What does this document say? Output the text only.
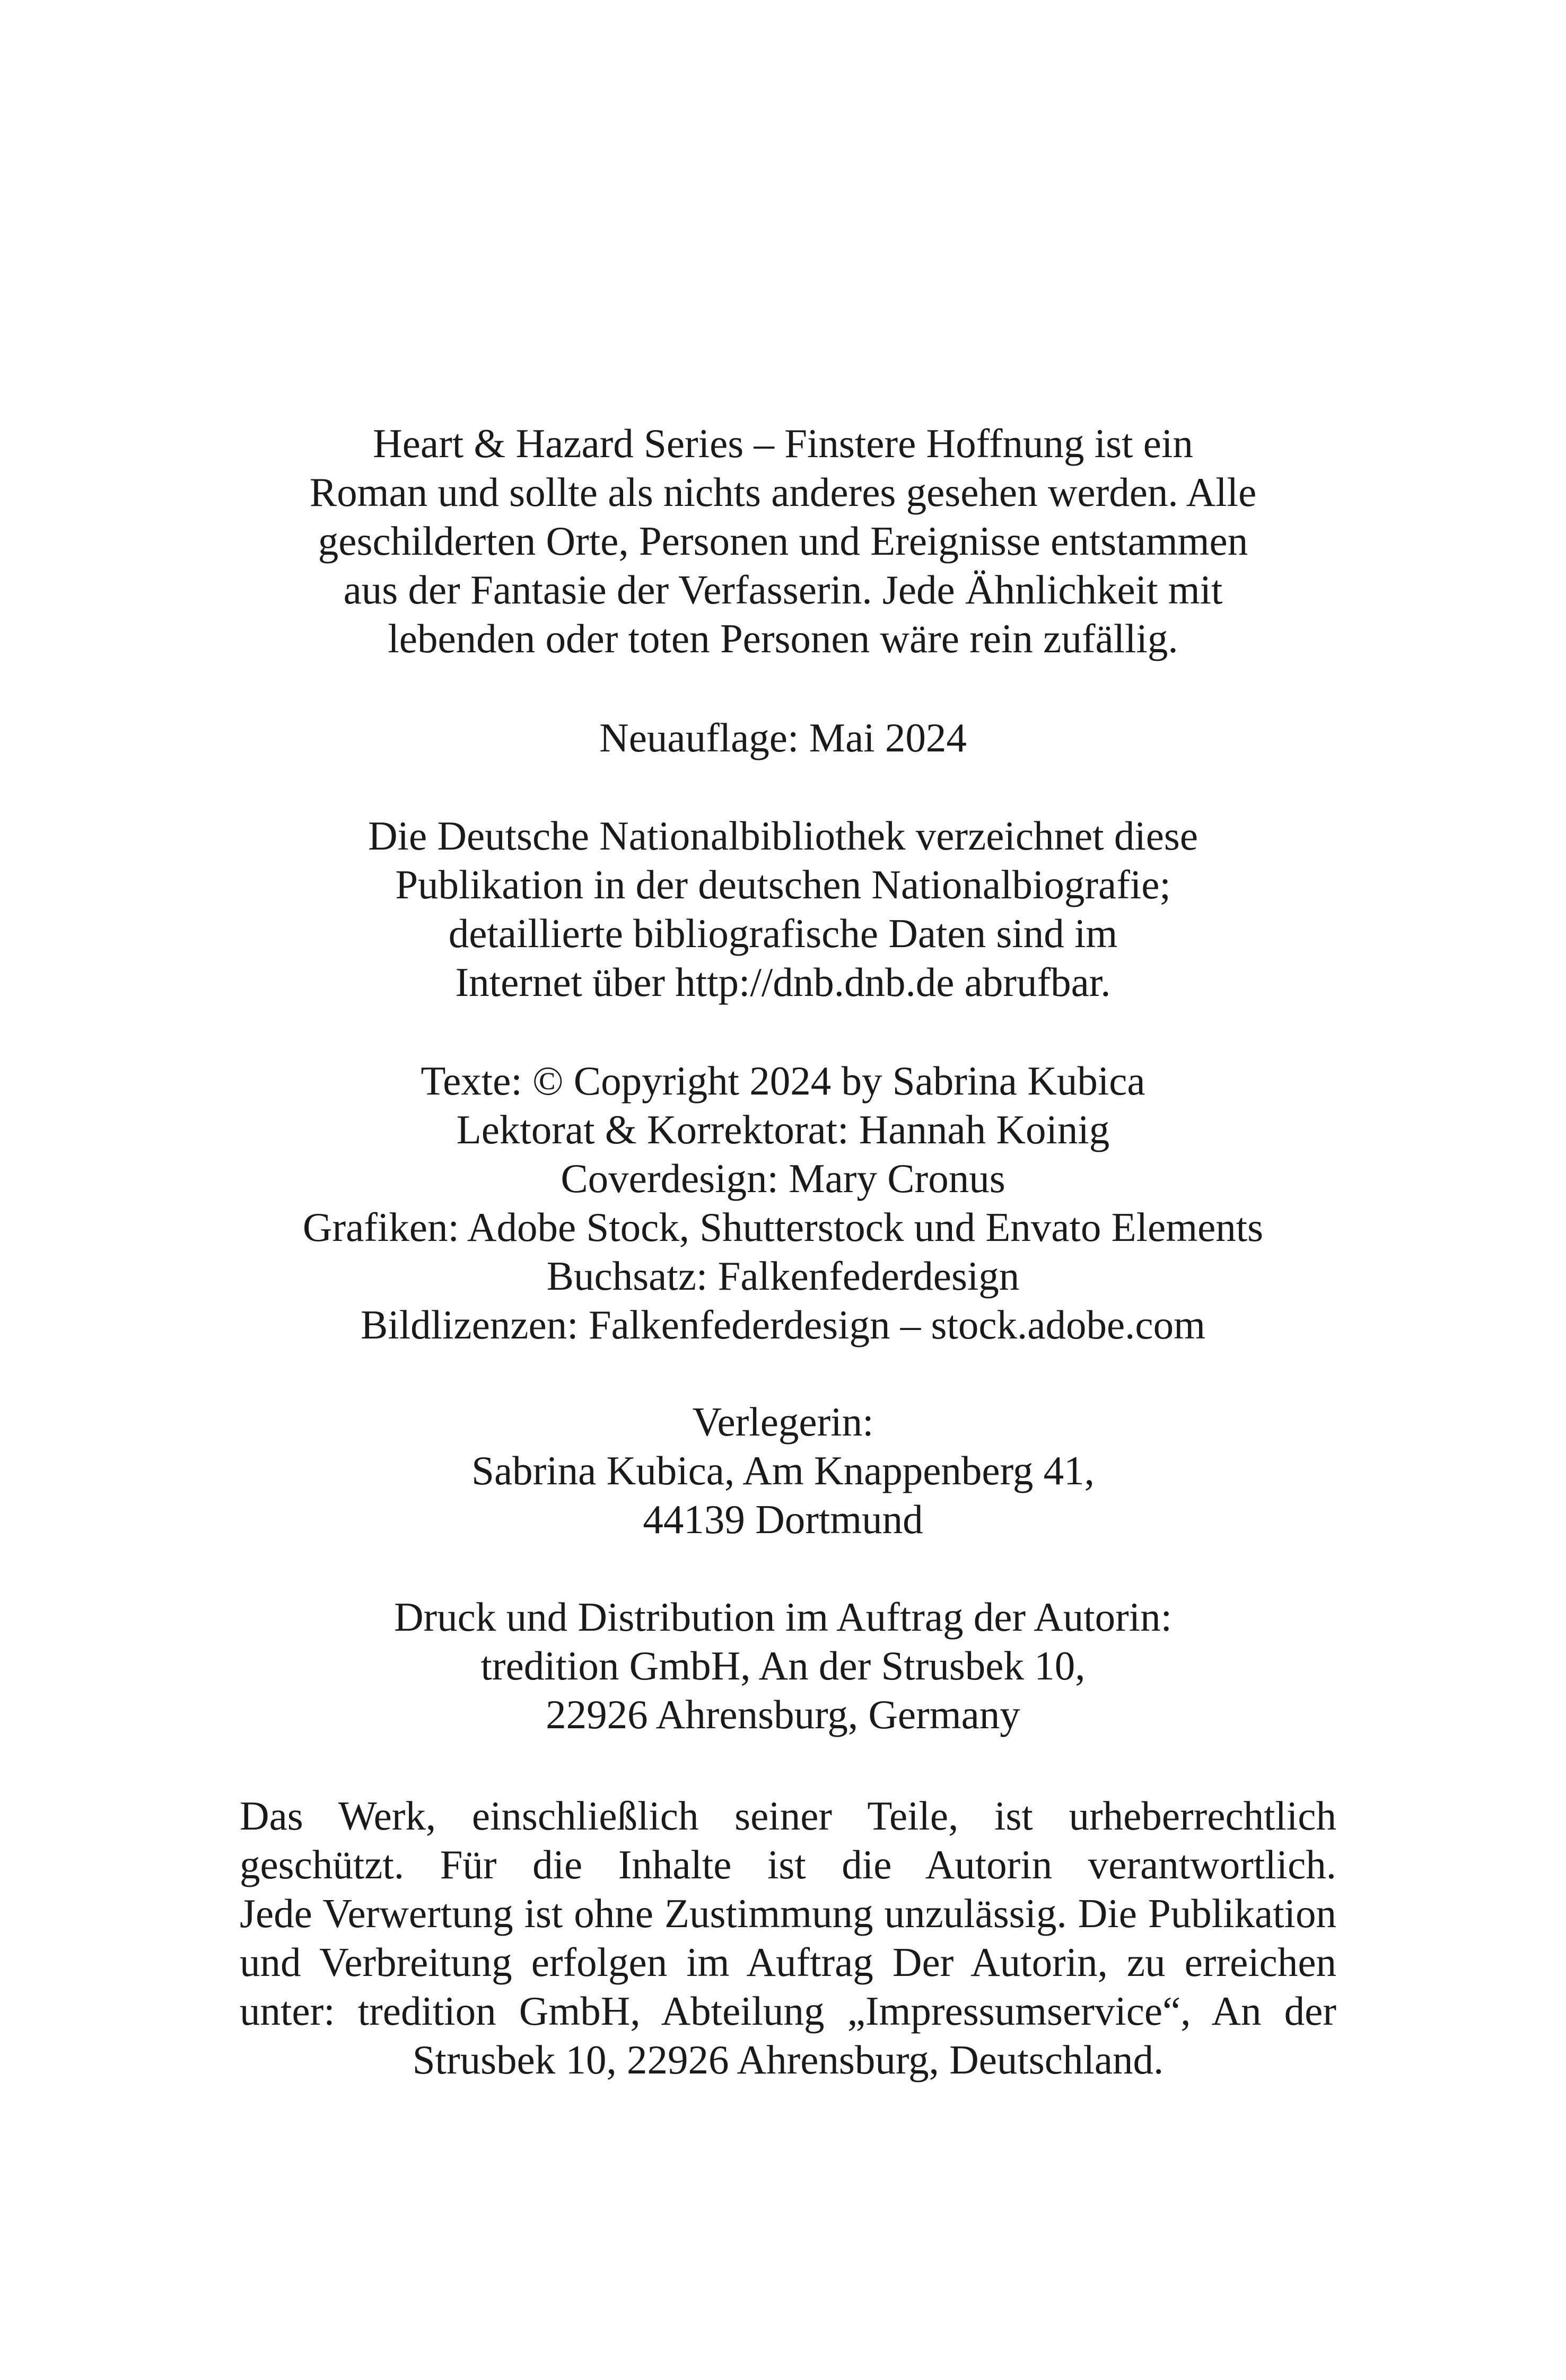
Heart & Hazard Series – Finstere Hoffnung ist ein
Roman und sollte als nichts anderes gesehen werden. Alle
geschilderten Orte, Personen und Ereignisse entstammen
aus der Fantasie der Verfasserin. Jede Ähnlichkeit mit
lebenden oder toten Personen wäre rein zufällig.
Neuauflage: Mai 2024
Die Deutsche Nationalbibliothek verzeichnet diese
Publikation in der deutschen Nationalbiografie;
detaillierte bibliografische Daten sind im
Internet über http://dnb.dnb.de abrufbar.
Texte: © Copyright 2024 by Sabrina Kubica
Lektorat & Korrektorat: Hannah Koinig
Coverdesign: Mary Cronus
Grafiken: Adobe Stock, Shutterstock und Envato Elements
Buchsatz: Falkenfederdesign
Bildlizenzen: Falkenfederdesign – stock.adobe.com
Verlegerin:
Sabrina Kubica, Am Knappenberg 41,
44139 Dortmund
Druck und Distribution im Auftrag der Autorin:
tredition GmbH, An der Strusbek 10,
22926 Ahrensburg, Germany
Das Werk, einschließlich seiner Teile, ist urheberrechtlich
geschützt. Für die Inhalte ist die Autorin verantwortlich.
Jede Verwertung ist ohne Zustimmung unzulässig. Die Publikation
und Verbreitung erfolgen im Auftrag Der Autorin, zu erreichen
unter: tredition GmbH, Abteilung „Impressumservice“, An der
Strusbek 10, 22926 Ahrensburg, Deutschland.
